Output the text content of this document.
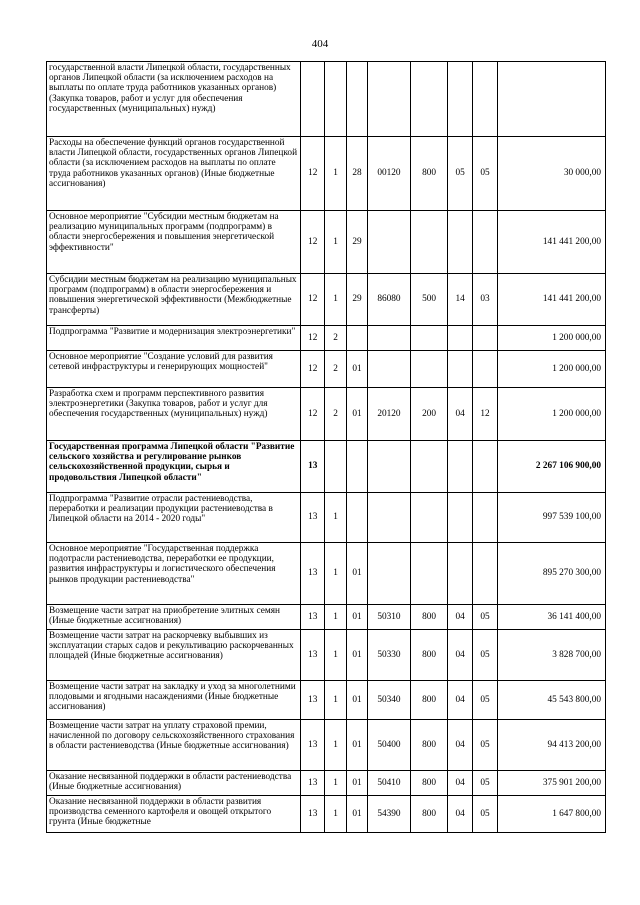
404
государственной власти Липецкой области, государственных органов Липецкой области (за исключением расходов на выплаты по оплате труда работников указанных органов) (Закупка товаров, работ и услуг для обеспечения государственных (муниципальных) нужд)								
Расходы на обеспечение функций органов государственной власти Липецкой области, государственных органов Липецкой области (за исключением расходов на выплаты по оплате труда работников указанных органов) (Иные бюджетные ассигнования)	12	1	28	00120	800	05	05	30 000,00
Основное мероприятие "Субсидии местным бюджетам на реализацию муниципальных программ (подпрограмм) в области энергосбережения и повышения энергетической эффективности"	12	1	29					141 441 200,00
Субсидии местным бюджетам на реализацию муниципальных программ (подпрограмм) в области энергосбережения и повышения энергетической эффективности (Межбюджетные трансферты)	12	1	29	86080	500	14	03	141 441 200,00
Подпрограмма "Развитие и модернизация электроэнергетики"	12	2						1 200 000,00
Основное мероприятие "Создание условий для развития сетевой инфраструктуры и генерирующих мощностей"	12	2	01					1 200 000,00
Разработка схем и программ перспективного развития электроэнергетики (Закупка товаров, работ и услуг для обеспечения государственных (муниципальных) нужд)	12	2	01	20120	200	04	12	1 200 000,00
Государственная программа Липецкой области "Развитие сельского хозяйства и регулирование рынков сельскохозяйственной продукции, сырья и продовольствия Липецкой области"	13							2 267 106 900,00
Подпрограмма "Развитие отрасли растениеводства, переработки и реализации продукции растениеводства в Липецкой области на 2014 - 2020 годы"	13	1						997 539 100,00
Основное мероприятие "Государственная поддержка подотрасли растениеводства, переработки ее продукции, развития инфраструктуры и логистического обеспечения рынков продукции растениеводства"	13	1	01					895 270 300,00
Возмещение части затрат на приобретение элитных семян (Иные бюджетные ассигнования)	13	1	01	50310	800	04	05	36 141 400,00
Возмещение части затрат на раскорчевку выбывших из эксплуатации старых садов и рекультивацию раскорчеванных площадей (Иные бюджетные ассигнования)	13	1	01	50330	800	04	05	3 828 700,00
Возмещение части затрат на закладку и уход за многолетними плодовыми и ягодными насаждениями (Иные бюджетные ассигнования)	13	1	01	50340	800	04	05	45 543 800,00
Возмещение части затрат на уплату страховой премии, начисленной по договору сельскохозяйственного страхования в области растениеводства (Иные бюджетные ассигнования)	13	1	01	50400	800	04	05	94 413 200,00
Оказание несвязанной поддержки в области растениеводства (Иные бюджетные ассигнования)	13	1	01	50410	800	04	05	375 901 200,00
Оказание несвязанной поддержки в области развития производства семенного картофеля и овощей открытого грунта (Иные бюджетные	13	1	01	54390	800	04	05	1 647 800,00
